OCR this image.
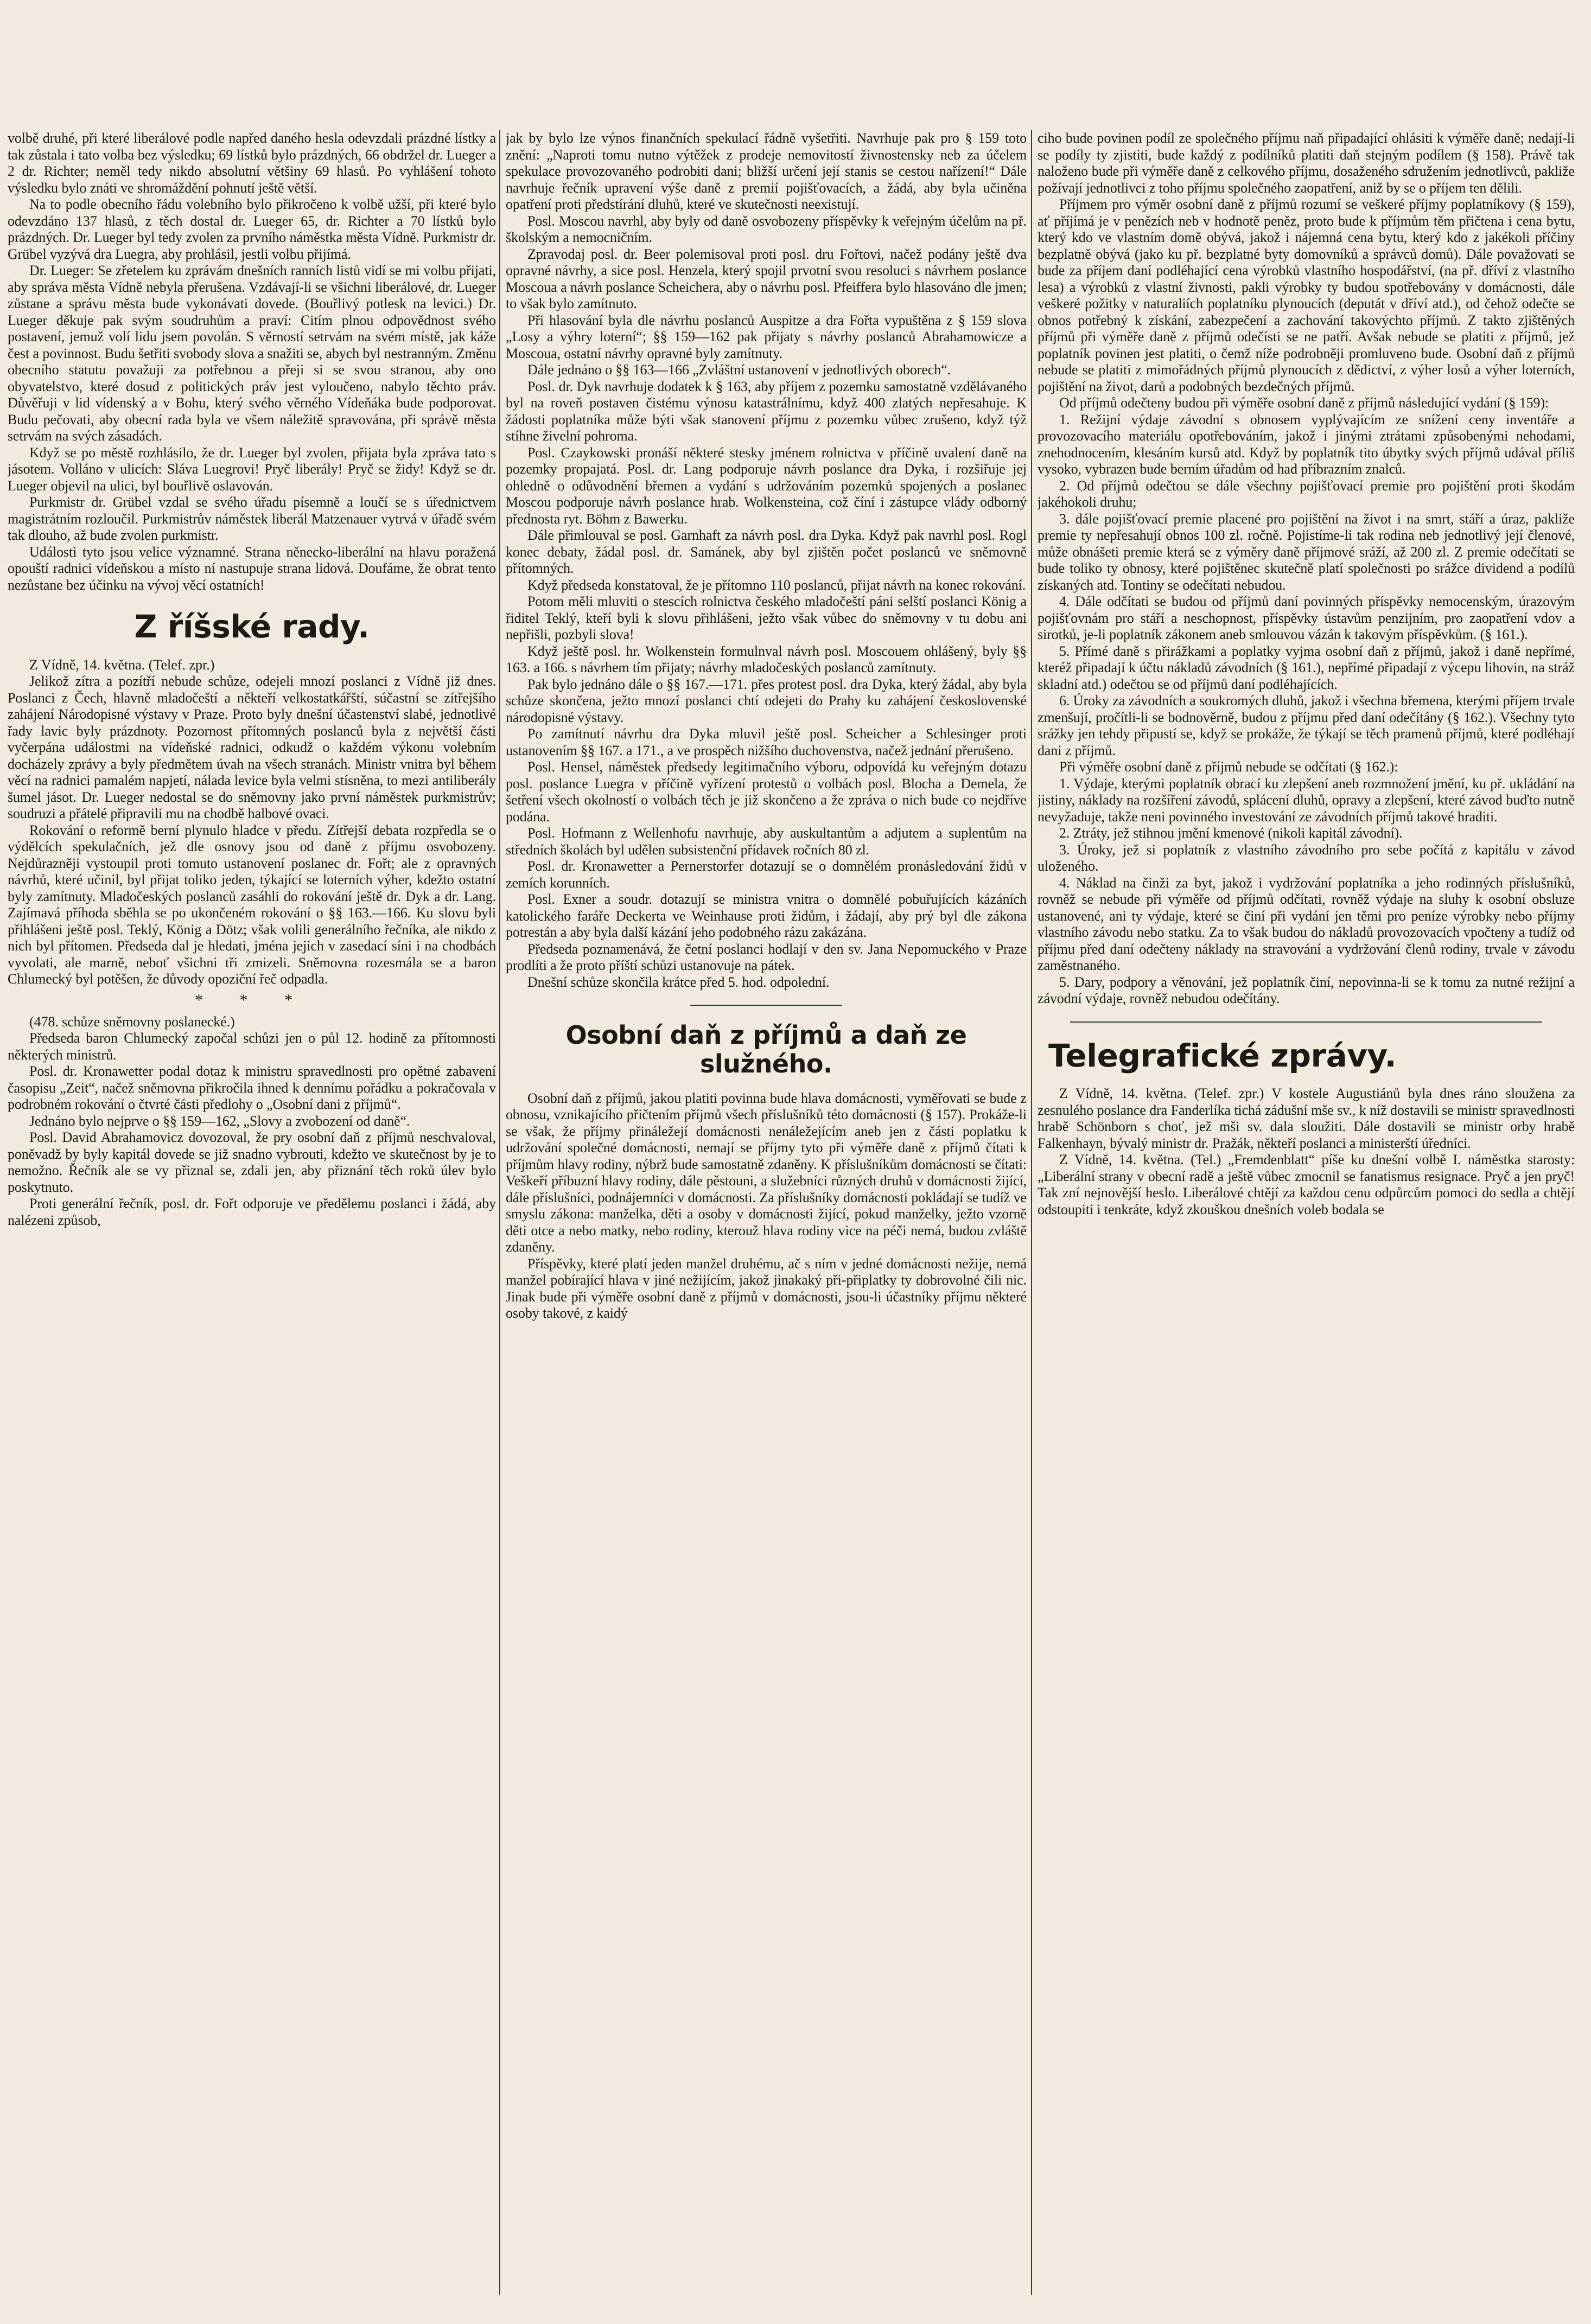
volbě druhé, při které liberálové podle napřed daného hesla odevzdali prázdné lístky a tak zůstala i tato volba bez výsledku; 69 lístků bylo prázdných, 66 obdržel dr. Lueger a 2 dr. Richter; neměl tedy nikdo absolutní většiny 69 hlasů. Po vyhlášení tohoto výsledku bylo znáti ve shromáždění pohnutí ještě větší.

Na to podle obecního řádu volebního bylo přikročeno k volbě užší, při které bylo odevzdáno 137 hlasů, z těch dostal dr. Lueger 65, dr. Richter a 70 lístků bylo prázdných. Dr. Lueger byl tedy zvolen za prvního náměstka města Vídně. Purkmistr dr. Grübel vyzývá dra Luegra, aby prohlásil, jestli volbu přijímá.

Dr. Lueger: Se zřetelem ku zprávám dnešních ranních listů vidí se mi volbu přijati, aby správa města Vídně nebyla přerušena. Vzdávají-li se všichni liberálové, dr. Lueger zůstane a správu města bude vykonávati dovede. (Bouřlivý potlesk na levici.) Dr. Lueger děkuje pak svým soudruhům a praví: Citím plnou odpovědnost svého postavení, jemuž volí lidu jsem povolán. S věrností setrvám na svém místě, jak káže čest a povinnost. Budu šetřiti svobody slova a snažiti se, abych byl nestranným. Změnu obecního statutu považuji za potřebnou a přeji si se svou stranou, aby ono obyvatelstvo, které dosud z politických práv jest vyloučeno, nabylo těchto práv. Důvěřuji v lid vídenský a v Bohu, který svého věrného Vídeňáka bude podporovat. Budu pečovati, aby obecní rada byla ve všem náležitě spravována, při správě města setrvám na svých zásadách.

Když se po městě rozhlásilo, že dr. Lueger byl zvolen, přijata byla zpráva tato s jásotem. Volláno v ulicích: Sláva Luegrovi! Pryč liberály! Pryč se židy! Když se dr. Lueger objevil na ulici, byl bouřlivě oslavován.

Purkmistr dr. Grübel vzdal se svého úřadu písemně a loučí se s úřednictvem magistrátním rozloučil. Purkmistrův náměstek liberál Matzenauer vytrvá v úřadě svém tak dlouho, až bude zvolen purkmistr.

Události tyto jsou velice významné. Strana něnecko-liberální na hlavu poražená opouští radnici vídeňskou a místo ní nastupuje strana lidová. Doufáme, že obrat tento nezůstane bez účinku na vývoj věcí ostatních!

Z říšské rady.

Z Vídně, 14. května. (Telef. zpr.)

Jelikož zítra a pozítří nebude schůze, odejeli mnozí poslanci z Vídně již dnes. Poslanci z Čech, hlavně mladočeští a někteří velkostatkářští, súčastní se zítřejšího zahájení Národopisné výstavy v Praze. Proto byly dnešní účastenství slabé, jednotlivé řady lavic byly prázdnoty. Pozornost přítomných poslanců byla z největší části vyčerpána událostmi na vídeňské radnici, odkudž o každém výkonu volebním docházely zprávy a byly předmětem úvah na všech stranách. Ministr vnitra byl během věcí na radnici pamalém napjetí, nálada levice byla velmi stísněna, to mezi antiliberály šumel jásot. Dr. Lueger nedostal se do sněmovny jako první náměstek purkmistrův; soudruzi a přátelé připravili mu na chodbě halbové ovaci.

Rokování o reformě berní plynulo hladce v předu. Zítřejší debata rozpředla se o výdělcích spekulačních, jež dle osnovy jsou od daně z příjmu osvobozeny. Nejdůrazněji vystoupil proti tomuto ustanovení poslanec dr. Fořt; ale z opravných návrhů, které učinil, byl přijat toliko jeden, týkající se loterních výher, kdežto ostatní byly zamítnuty. Mladočeských poslanců zasáhli do rokování ještě dr. Dyk a dr. Lang. Zajímavá příhoda sběhla se po ukončeném rokování o §§ 163.—166. Ku slovu byli přihlášeni ještě posl. Teklý, König a Dötz; však volili generálního řečníka, ale nikdo z nich byl přítomen. Předseda dal je hledati, jména jejich v zasedací síni i na chodbách vyvolati, ale marně, neboť všichni tři zmizeli. Sněmovna rozesmála se a baron Chlumecký byl potěšen, že důvody opoziční řeč odpadla.

* * *

(478. schůze sněmovny poslanecké.)

Předseda baron Chlumecký započal schůzi jen o půl 12. hodině za přítomnosti některých ministrů.

Posl. dr. Kronawetter podal dotaz k ministru spravedlnosti pro opětné zabavení časopisu „Zeit“, načež sněmovna přikročila ihned k dennímu pořádku a pokračovala v podrobném rokování o čtvrté části předlohy o „Osobní dani z příjmů“.

Jednáno bylo nejprve o §§ 159—162, „Slovy a zvoboz​ení od daně“.

Posl. David Abrahamovicz dovozoval, že pry osobní daň z příjmů neschvaloval, poněvadž by byly kapitál dovede se již snadno vybrouti, kdežto ve skutečnost by je to nemožno. Řečník ale se vy přiznal se, zdali jen, aby přiznání těch roků úlev bylo poskytnuto.

Proti generální řečník, posl. dr. Fořt odporuje ve předělemu poslanci i žádá, aby nalézeni způsob,

jak by bylo lze výnos finančních spekulací řádně vyšetřiti. Navrhuje pak pro § 159 toto znění: „Naproti tomu nutno výtěžek z prodeje nemovitostí živnostensky neb za účelem spekulace provozovaného podrobiti dani; bližší určení její stanis se cestou nařízení!“ Dále navrhuje řečník upravení výše daně z premií pojišťovacích, a žádá, aby byla učiněna opatření proti předstírání dluhů, které ve skutečnosti neexistují.

Posl. Moscou navrhl, aby byly od daně osvobozeny příspěvky k veřejným účelům na př. školským a nemocničním.

Zpravodaj posl. dr. Beer polemisoval proti posl. dru Fořtovi, načež podány ještě dva opravné návrhy, a sice posl. Henzela, který spojil prvotní svou resoluci s návrhem poslance Moscoua a návrh poslance Scheichera, aby o návrhu posl. Pfeiffera bylo hlasováno dle jmen; to však bylo zamítnuto.

Při hlasování byla dle návrhu poslanců Auspitze a dra Fořta vypuštěna z § 159 slova „Losy a výhry loterní“; §§ 159—162 pak přijaty s návrhy poslanců Abrahamowicze a Moscoua, ostatní návrhy opravné byly zamítnuty.

Dále jednáno o §§ 163—166 „Zvláštní ustanovení v jednotlivých oborech“.

Posl. dr. Dyk navrhuje dodatek k § 163, aby příjem z pozemku samostatně vzdělávaného byl na roveň postaven čistému výnosu katastrálnímu, když 400 zlatých nepřesahuje. K žádosti poplatníka může býti však stanovení příjmu z pozemku vůbec zrušeno, když týž stíhne živelní pohroma.

Posl. Czaykowski pronáší některé stesky jménem rolnictva v příčině uvalení daně na pozemky propajatá. Posl. dr. Lang podporuje návrh poslance dra Dyka, i rozšiřuje jej ohledně o odůvodnění břemen a vydání s udržováním pozemků spojených a poslanec Moscou podporuje návrh poslance hrab. Wolkensteina, což číní i zástupce vlády odborný přednosta ryt. Böhm z Bawerku.

Dále přimlouval se posl. Garnhaft za návrh posl. dra Dyka. Když pak navrhl posl. Rogl konec debaty, žádal posl. dr. Samánek, aby byl zjištěn počet poslanců ve sněmovně přítomných.

Když předseda konstatoval, že je přítomno 110 poslanců, přijat návrh na konec rokování.

Potom měli mluviti o stescích rolnictva českého mladočeští páni selští poslanci König a řiditel Teklý, kteří byli k slovu přihlášeni, ježto však vůbec do sněmovny v tu dobu ani nepřišli, pozbyli slova!

Když ještě posl. hr. Wolkenstein formulnval návrh posl. Moscouem ohlášený, byly §§ 163. a 166. s návrhem tím přijaty; návrhy mladočeských poslanců zamítnuty.

Pak bylo jednáno dále o §§ 167.—171. přes protest posl. dra Dyka, který žádal, aby byla schůze skončena, ježto mnozí poslanci chtí odejeti do Prahy ku zahájení československé národopisné výstavy.

Po zamítnutí návrhu dra Dyka mluvil ještě posl. Scheicher a Schlesinger proti ustanovením §§ 167. a 171., a ve prospěch nižšího duchovenstva, načež jednání přerušeno.

Posl. Hensel, náměstek předsedy legitimačního výboru, odpovídá ku veřejným dotazu posl. poslance Luegra v příčině vyřízení protestů o volbách posl. Blocha a Demela, že šetření všech okolností o volbách těch je již skončeno a že zpráva o nich bude co nejdříve podána.

Posl. Hofmann z Wellenhofu navrhuje, aby auskultantům a adjutem a suplentům na středních školách byl udělen subsistenční přídavek ročních 80 zl.

Posl. dr. Kronawetter a Pernerstorfer dotazují se o domnělém pronásledování židů v zemích korunních.

Posl. Exner a soudr. dotazují se ministra vnitra o domnělé pobuřujících kázáních katolického faráře Deckerta ve Weinhause proti židům, i žádají, aby prý byl dle zákona potrestán a aby byla další kázání jeho podobného rázu zakázána.

Předseda poznamenává, že četní poslanci hodlají v den sv. Jana Nepomuckého v Praze prodlíti a že proto příští schůzi ustanovuje na pátek.

Dnešní schůze skončila krátce před 5. hod. odpolední.

Osobní daň z příjmů a daň ze služného.

Osobní daň z příjmů, jakou platiti povinna bude hlava domácnosti, vyměřovati se bude z obnosu, vznikajícího přičtením příjmů všech příslušníků této domácnosti (§ 157). Prokáže-li se však, že příjmy přináležejí domácnosti nenáležejícím aneb jen z části poplatku k udržování společné domácnosti, nemají se příjmy tyto při výměře daně z příjmů čítati k příjmům hlavy rodiny, nýbrž bude samostatně zdaněny. K příslušníkům domácnosti se čítati: Veškeří příbuzní hlavy rodiny, dále pěstouni, a služebníci různých druhů v domácnosti žijící, dále příslušníci, podnájemníci v domácnosti. Za příslušníky domácnosti pokládají se tudíž ve smyslu zákona: manželka, děti a osoby v domácnosti žijící, pokud manželky, ježto vzorně děti otce a nebo matky, nebo rodiny, kterouž hlava rodiny vice na péči nemá, budou zvláště zdaněny.

Příspěvky, které platí jeden manžel druhému, ač s ním v jedné domácnosti nežije, nemá manžel pobírající hlava v jiné nežijícím, jakož jinakaký při-připlatky ty dobrovolné čili nic. Jinak bude při výměře osobní daně z příjmů v domácnosti, jsou-li účastníky příjmu některé osoby takové, z kaidý

ciho bude povinen podíl ze společného příjmu naň připadající ohlásiti k výměře daně; nedají-li se podíly ty zjistiti, bude každý z podílníků platiti daň stejným podílem (§ 158). Právě tak naloženo bude při výměře daně z celkového příjmu, dosaženého sdružením jednotlivců, pakliže požívají jednotlivci z toho příjmu společného zaopatření, aniž by se o příjem ten dělili.

Příjmem pro výměr osobní daně z příjmů rozumí se veškeré příjmy poplatníkovy (§ 159), ať příjímá je v penězích neb v hodnotě peněz, proto bude k příjmům těm přičtena i cena bytu, který kdo ve vlastním domě obývá, jakož i nájemná cena bytu, který kdo z jakékoli příčiny bezplatně obývá (jako ku př. bezplatné byty domovníků a správců domů). Dále považovati se bude za příjem daní podléhající cena výrobků vlastního hospodářství, (na př. dříví z vlastního lesa) a výrobků z vlastní živnosti, pakli výrobky ty budou spotřebovány v domácnosti, dále veškeré požitky v naturaliích poplatníku plynoucích (deputát v dříví atd.), od čehož odečte se obnos potřebný k získání, zabezpečení a zachování takovýchto příjmů. Z takto zjištěných příjmů při výměře daně z příjmů odečísti se ne patří. Avšak nebude se platiti z příjmů, jež poplatník povinen jest platiti, o čemž níže podrobněji promluveno bude. Osobní daň z příjmů nebude se platiti z mimořádných příjmů plynoucích z dědictví, z výher losů a výher loterních, pojištění na život, darů a podobných bezdečných příjmů.

Od příjmů odečteny budou při výměře osobní daně z příjmů následující vydání (§ 159):

1. Režijní výdaje závodní s obnosem vyplývajícím ze snížení ceny inventáře a provozovacího materiálu opotřebováním, jakož i jinými ztrátami způsobenými nehodami, znehodnocením, klesáním kursů atd. Když by poplatník tito úbytky svých příjmů udával příliš vysoko, vybrazen bude berním úřadům od had příbrazním znalců.

2. Od příjmů odečtou se dále všechny pojišťovací premie pro pojištění proti škodám jakéhokoli druhu;

3. dále pojišťovací premie placené pro pojištění na život i na smrt, stáří a úraz, pakliže premie ty nepřesahují obnos 100 zl. ročně. Pojistíme-li tak rodina neb jednotlivý její členové, může obnášeti premie která se z výměry daně příjmové sráží, až 200 zl. Z premie odečítati se bude toliko ty obnosy, které pojištěnec skutečně platí společnosti po srážce dividend a podílů získaných atd. Tontiny se odečítati nebudou.

4. Dále odčítati se budou od příjmů daní povinných příspěvky nemocenským, úrazovým pojišťovnám pro stáří a neschopnost, příspěvky ústavům penzijním, pro zaopatření vdov a sirotků, je-li poplatník zákonem aneb smlouvou vázán k takovým příspěvkům. (§ 161.).

5. Přímé daně s přirážkami a poplatky vyjma osobní daň z příjmů, jakož i daně nepřímé, kteréž připadají k účtu nákladů závodních (§ 161.), nepřímé připadají z výcepu lihovin, na stráž skladní atd.) odečtou se od příjmů daní podléhajících.

6. Úroky za závodních a soukromých dluhů, jakož i všechna břemena, kterými příjem trvale zmenšují, pročítli-li se bodnověrně, budou z příjmu před daní odečítány (§ 162.). Všechny tyto srážky jen tehdy připustí se, když se prokáže, že týkají se těch pramenů příjmů, které podléhají dani z příjmů.

Při výměře osobní daně z příjmů nebude se odčítati (§ 162.):

1. Výdaje, kterými poplatník obrací ku zlepšení aneb rozmnožení jmění, ku př. ukládání na jistiny, náklady na rozšíření závodů, splácení dluhů, opravy a zlepšení, které závod buďto nutně nevyžaduje, takže neni povinného investování ze závodních příjmů takové hraditi.

2. Ztráty, jež stihnou jmění kmenové (nikoli kapitál závodní).

3. Úroky, jež si poplatník z vlastního závodního pro sebe počítá z kapitálu v závod uloženého.

4. Náklad na činži za byt, jakož i vydržování poplatníka a jeho rodinných příslušníků, rovněž se nebude při výměře od příjmů odčítati, rovněž výdaje na sluhy k osobní obsluze ustanovené, ani ty výdaje, které se činí při vydání jen těmi pro peníze výrobky nebo příjmy vlastního závodu nebo statku. Za to však budou do nákladů provozovacích vpočteny a tudíž od příjmu před daní odečteny náklady na stravování a vydržování členů rodiny, trvale v závodu zaměstnaného.

5. Dary, podpory a věnování, jež poplatník činí, nepovinna-li se k tomu za nutné režijní a závodní výdaje, rovněž nebudou odečítány.

Telegrafické zprávy.

Z Vídně, 14. května. (Telef. zpr.) V kostele Augustiánů byla dnes ráno sloužena za zesnulého poslance dra Fanderlíka tichá zádušní mše sv., k níž dostavili se ministr spravedlnosti hrabě Schönborn s choť, jež mši sv. dala sloužiti. Dále dostavili se ministr orby hrabě Falkenhayn, bývalý ministr dr. Pražák, někteří poslanci a ministerští úředníci.

Z Vídně, 14. května. (Tel.) „Fremdenblatt“ píše ku dnešní volbě I. náměstka starosty: „Liberální strany v obecní radě a ještě vůbec zmocnil se fanatismus resignace. Pryč a jen pryč! Tak zní nejnovější heslo. Liberálové chtějí za každou cenu odpůrcům pomoci do sedla a chtějí odstoupiti i tenkráte, když zkouškou dnešních voleb bodala se
